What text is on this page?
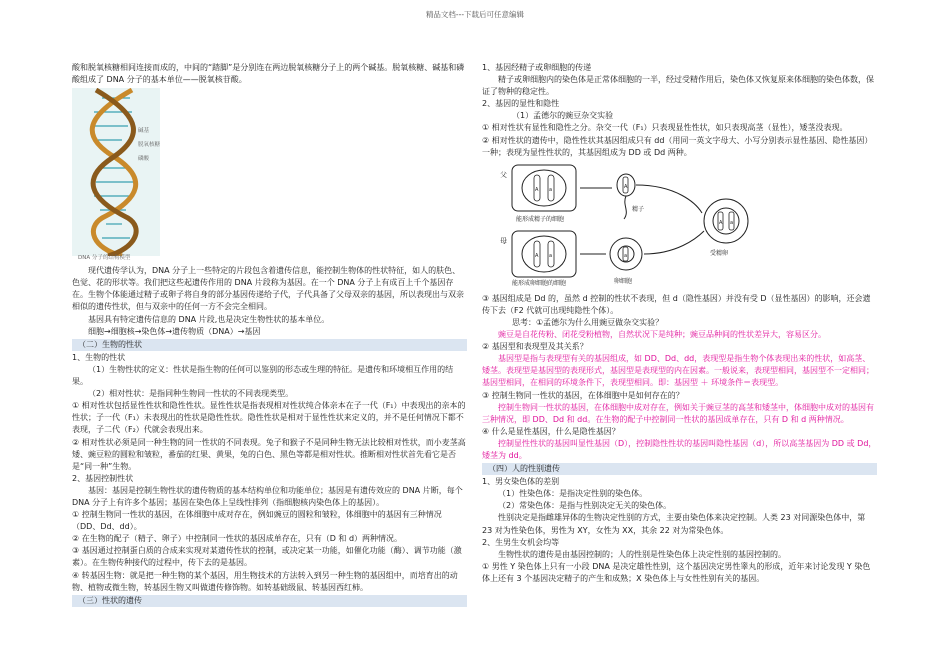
精品文档---下载后可任意编辑

酸和脱氧核糖相间连接而成的，中间的“踏脚”是分别连在两边脱氧核糖分子上的两个碱基。脱氧核糖、碱基和磷酸组成了 DNA 分子的基本单位——脱氧核苷酸。

DNA 分子的结构模型
碱基
脱氧核糖
磷酸

现代遗传学认为，DNA 分子上一些特定的片段包含着遗传信息，能控制生物体的性状特征，如人的肤色、色觉、花的形状等。我们把这些起遗传作用的 DNA 片段称为基因。在一个 DNA 分子上有成百上千个基因存在。生物个体能通过精子或卵子将自身的部分基因传递给子代，子代具备了父母双亲的基因，所以表现出与双亲相似的遗传性状，但与双亲中的任何一方不会完全相同。

基因具有特定遗传信息的 DNA 片段,也是决定生物性状的基本单位。

细胞→细胞核→染色体→遗传物质（DNA）→基因

（二）生物的性状

1、生物的性状

（1）生物性状的定义：性状是指生物的任何可以鉴别的形态或生理的特征。是遗传和环境相互作用的结果。

（2）相对性状：是指同种生物同一性状的不同表现类型。

① 相对性状包括显性性状和隐性性状。显性性状是指表现相对性状纯合体亲本在子一代（F₁）中表现出的亲本的性状；子一代（F₁）未表现出的性状是隐性性状。隐性性状是相对于显性性状来定义的，并不是任何情况下都不表现，子二代（F₂）代就会表现出来。

② 相对性状必须是同一种生物的同一性状的不同表现。兔子和猴子不是同种生物无法比较相对性状，而小麦茎高矮、豌豆粒的圆粒和皱粒，番茄的红果、黄果，兔的白色、黑色等都是相对性状。推断相对性状首先看它是否是“同一种”生物。

2、基因控制性状

基因：基因是控制生物性状的遗传物质的基本结构单位和功能单位；基因是有遗传效应的 DNA 片断，每个 DNA 分子上有许多个基因；基因在染色体上呈线性排列（指细胞核内染色体上的基因）。

① 控制生物同一性状的基因，在体细胞中成对存在，例如豌豆的圆粒和皱粒，体细胞中的基因有三种情况（DD、Dd、dd）。

② 在生物的配子（精子、卵子）中控制同一性状的基因成单存在，只有（D 和 d）两种情况。

③ 基因通过控制蛋白质的合成来实现对某遗传性状的控制，或决定某一功能，如催化功能（酶）、调节功能（激素）。在生物传种接代的过程中，传下去的是基因。

④ 转基因生物：就是把一种生物的某个基因，用生物技术的方法转入到另一种生物的基因组中，而培育出的动物、植物或微生物，转基因生物又叫做遗传修饰物。如转基础级鼠、转基因西红柿。

（三）性状的遗传

1、基因经精子或卵细胞的传递

精子或卵细胞内的染色体是正常体细胞的一半，经过受精作用后，染色体又恢复原来体细胞的染色体数，保证了物种的稳定性。

2、基因的显性和隐性

（1）孟德尔的豌豆杂交实验

① 相对性状有显性和隐性之分。杂交一代（F₁）只表现显性性状，如只表现高茎（显性），矮茎没表现。

② 相对性状的遗传中，隐性性状其基因组成只有 dd（用同一英文字母大、小写分别表示显性基因、隐性基因）一种；表现为显性性状的，其基因组成为 DD 或 Dd 两种。

父
母
A a
A a
A
a
A a
能形成精子的细胞
能形成卵细胞的细胞
精子
卵细胞
受精卵

③ 基因组成是 Dd 的，虽然 d 控制的性状不表现，但 d（隐性基因）并没有受 D（显性基因）的影响，还会遗传下去（F2 代就可出现纯隐性个体）。

思考：①孟德尔为什么用豌豆做杂交实验？

豌豆是自花传粉、闭花受粉植物，自然状况下是纯种；豌豆品种间的性状差异大，容易区分。

② 基因型和表现型及其关系？

基因型是指与表现型有关的基因组成，如 DD、Dd、dd，表现型是指生物个体表现出来的性状，如高茎、矮茎。表现型是基因型的表现形式，基因型是表现型的内在因素。一般说来，表现型相同，基因型不一定相同；基因型相同，在相同的环境条件下，表现型相同。即：基因型 ＋ 环境条件＝表现型。

③ 控制生物同一性状的基因，在体细胞中是如何存在的？

控制生物同一性状的基因，在体细胞中成对存在，例如关于豌豆茎的高茎和矮茎中，体细胞中成对的基因有三种情况，即 DD、Dd 和 dd。在生物的配子中控制同一性状的基因成单存在，只有 D 和 d 两种情况。

④ 什么是显性基因，什么是隐性基因？

控制显性性状的基因叫显性基因（D），控制隐性性状的基因叫隐性基因（d），所以高茎基因为 DD 或 Dd，矮茎为 dd。

（四）人的性别遗传

1、男女染色体的差别

（1）性染色体：是指决定性别的染色体。

（2）常染色体：是指与性别决定无关的染色体。

性别决定是指雌雄异体的生物决定性别的方式，主要由染色体来决定控制。人类 23 对同源染色体中，第 23 对为性染色体，男性为 XY，女性为 XX，其余 22 对为常染色体。

2、生男生女机会均等

生物性状的遗传是由基因控制的；人的性别是性染色体上决定性别的基因控制的。

① 男性 Y 染色体上只有一小段 DNA 是决定雄性性别，这个基因决定男性睾丸的形成，近年来讨论发现 Y 染色体上还有 3 个基因决定精子的产生和成熟；X 染色体上与女性性别有关的基因。
